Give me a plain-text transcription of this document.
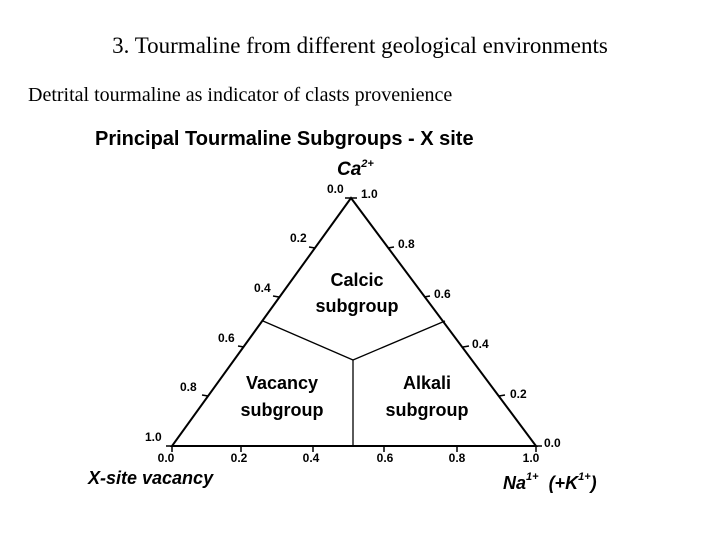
3. Tourmaline from different geological environments
Detrital tourmaline as indicator of clasts provenience
Principal Tourmaline Subgroups - X site
$Ca^{2+}$
0.0
0.2
0.4
0.6
0.8
1.0
1.0
0.8
0.6
0.4
0.2
0.0
0.0	0.2	0.4	0.6	0.8	1.0
Calcic
subgroup
Vacancy
subgroup
Alkali
subgroup
X-site vacancy	$Na^{1+}$  $(+K^{1+})$
